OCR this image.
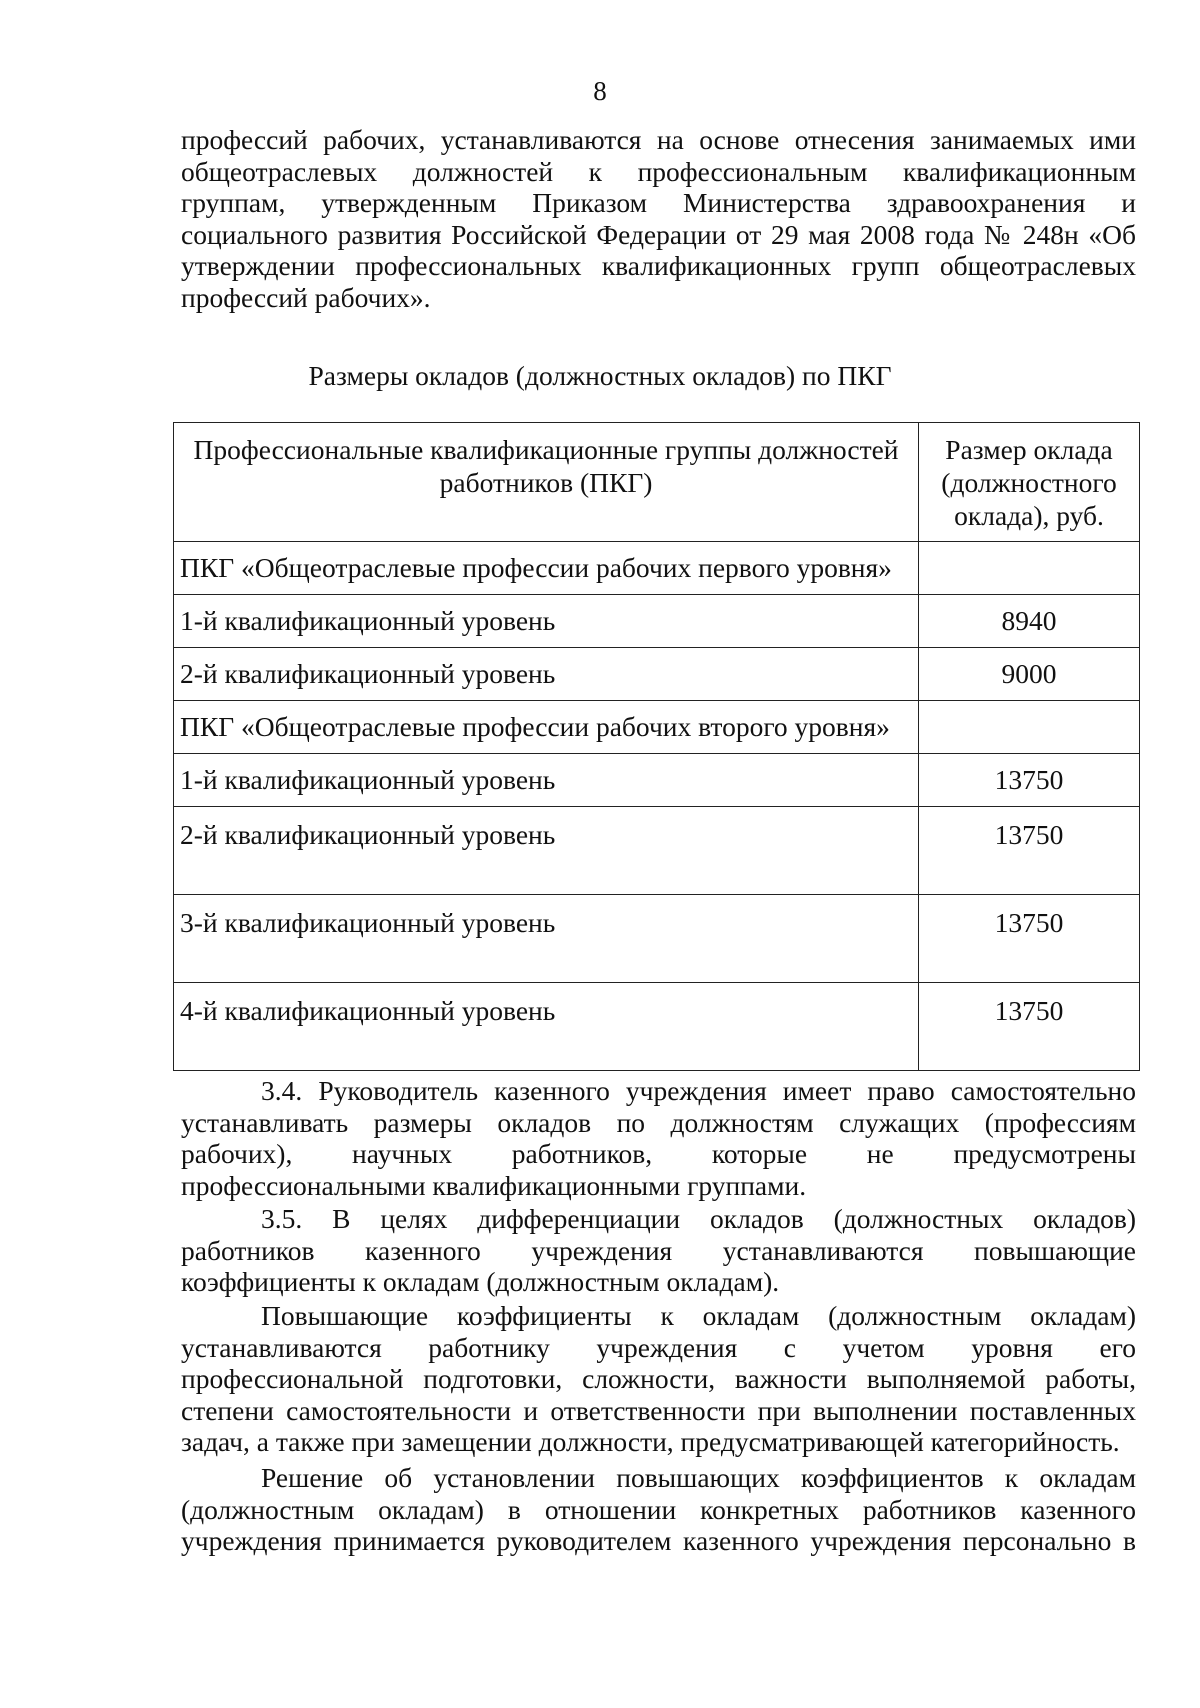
8
профессий рабочих, устанавливаются на основе отнесения занимаемых ими
общеотраслевых должностей к профессиональным квалификационным
группам, утвержденным Приказом Министерства здравоохранения и
социального развития Российской Федерации от 29 мая 2008 года № 248н «Об
утверждении профессиональных квалификационных групп общеотраслевых
профессий рабочих».
Размеры окладов (должностных окладов) по ПКГ
Профессиональные квалификационные группы должностей работников (ПКГ)	Размер оклада
(должностного
оклада), руб.

ПКГ «Общеотраслевые профессии рабочих первого уровня»	
1-й квалификационный уровень	8940
2-й квалификационный уровень	9000
ПКГ «Общеотраслевые профессии рабочих второго уровня»	
1-й квалификационный уровень	13750
2-й квалификационный уровень	13750
3-й квалификационный уровень	13750
4-й квалификационный уровень	13750
3.4. Руководитель казенного учреждения имеет право самостоятельно
устанавливать размеры окладов по должностям служащих (профессиям
рабочих), научных работников, которые не предусмотрены
профессиональными квалификационными группами.
3.5. В целях дифференциации окладов (должностных окладов)
работников казенного учреждения устанавливаются повышающие
коэффициенты к окладам (должностным окладам).
Повышающие коэффициенты к окладам (должностным окладам)
устанавливаются работнику учреждения с учетом уровня его
профессиональной подготовки, сложности, важности выполняемой работы,
степени самостоятельности и ответственности при выполнении поставленных
задач, а также при замещении должности, предусматривающей категорийность.
Решение об установлении повышающих коэффициентов к окладам
(должностным окладам) в отношении конкретных работников казенного
учреждения принимается руководителем казенного учреждения персонально в
